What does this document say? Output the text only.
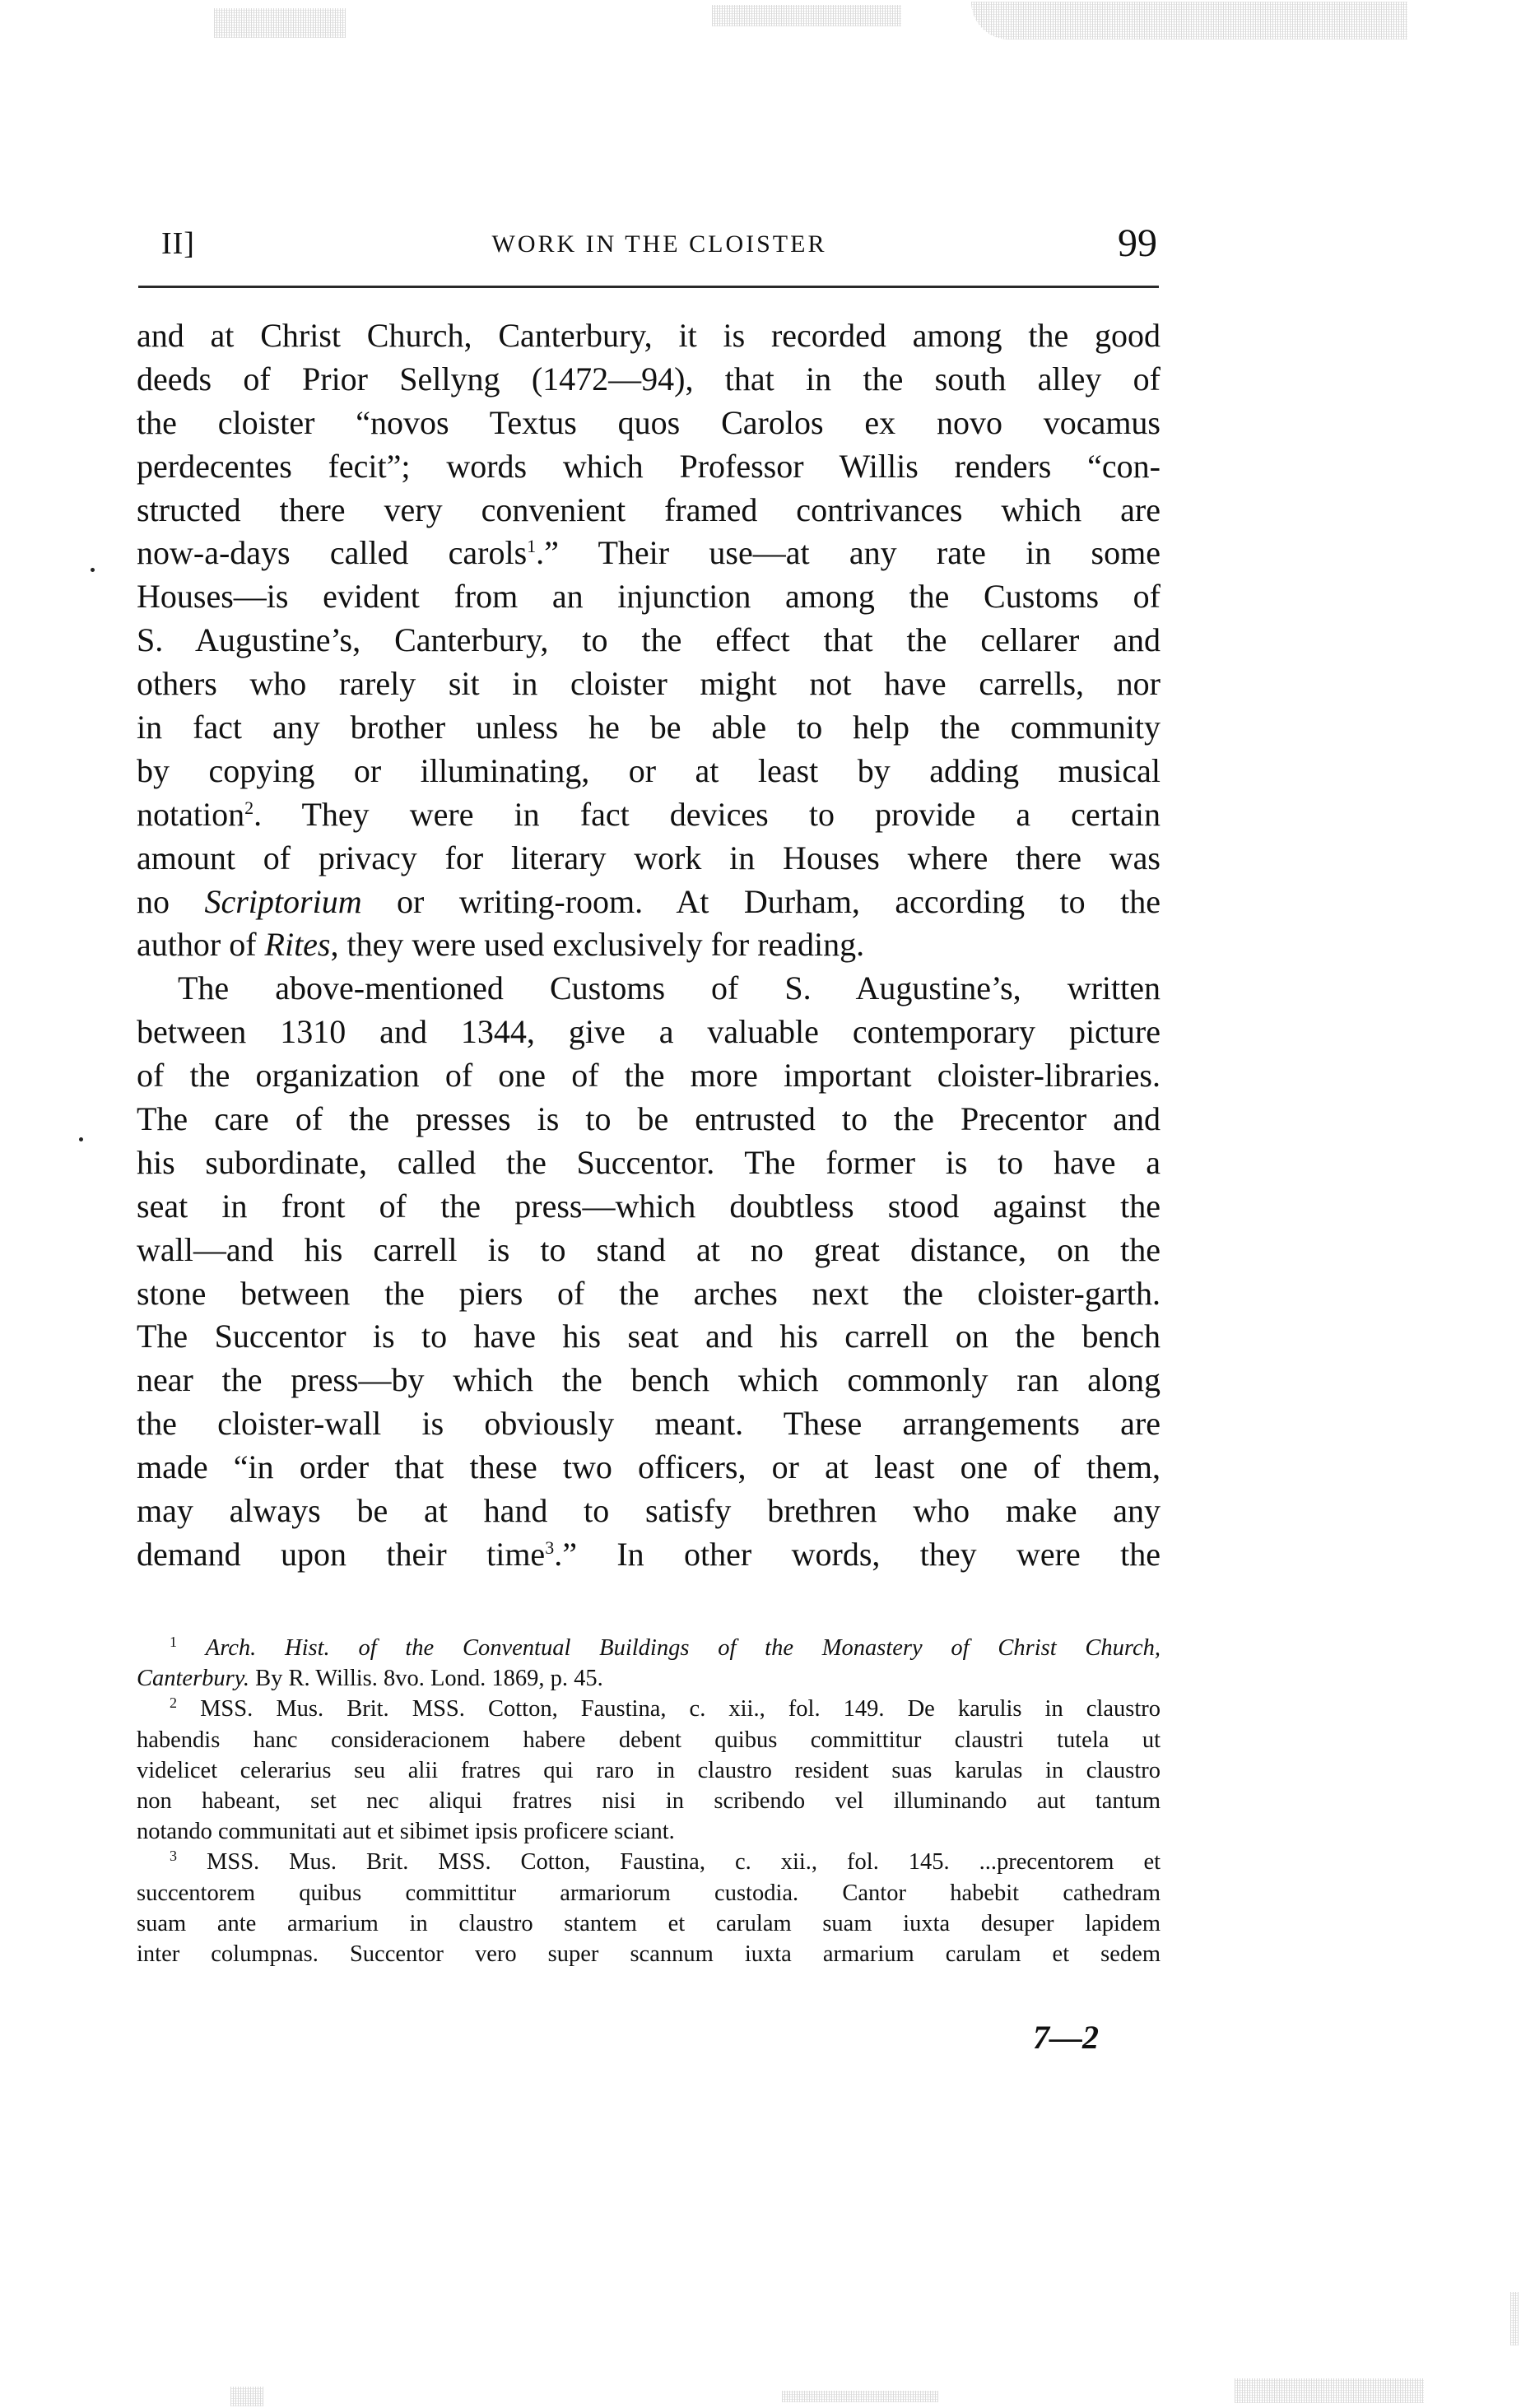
II]	WORK IN THE CLOISTER	99
and at Christ Church, Canterbury, it is recorded among the good
deeds of Prior Sellyng (1472—94), that in the south alley of
the cloister “novos Textus quos Carolos ex novo vocamus
perdecentes fecit”; words which Professor Willis renders “con-
structed there very convenient framed contrivances which are
now-a-days called carols$^1$.” Their use—at any rate in some
Houses—is evident from an injunction among the Customs of
S. Augustine’s, Canterbury, to the effect that the cellarer and
others who rarely sit in cloister might not have carrells, nor
in fact any brother unless he be able to help the community
by copying or illuminating, or at least by adding musical
notation$^2$. They were in fact devices to provide a certain
amount of privacy for literary work in Houses where there was
no Scriptorium or writing-room. At Durham, according to the
author of Rites, they were used exclusively for reading.
The above-mentioned Customs of S. Augustine’s, written
between 1310 and 1344, give a valuable contemporary picture
of the organization of one of the more important cloister-libraries.
The care of the presses is to be entrusted to the Precentor and
his subordinate, called the Succentor. The former is to have a
seat in front of the press—which doubtless stood against the
wall—and his carrell is to stand at no great distance, on the
stone between the piers of the arches next the cloister-garth.
The Succentor is to have his seat and his carrell on the bench
near the press—by which the bench which commonly ran along
the cloister-wall is obviously meant. These arrangements are
made “in order that these two officers, or at least one of them,
may always be at hand to satisfy brethren who make any
demand upon their time$^3$.” In other words, they were the
$^1$ Arch. Hist. of the Conventual Buildings of the Monastery of Christ Church,
Canterbury. By R. Willis. 8vo. Lond. 1869, p. 45.
$^2$ MSS. Mus. Brit. MSS. Cotton, Faustina, c. xii., fol. 149. De karulis in claustro
habendis hanc consideracionem habere debent quibus committitur claustri tutela ut
videlicet celerarius seu alii fratres qui raro in claustro resident suas karulas in claustro
non habeant, set nec aliqui fratres nisi in scribendo vel illuminando aut tantum
notando communitati aut et sibimet ipsis proficere sciant.
$^3$ MSS. Mus. Brit. MSS. Cotton, Faustina, c. xii., fol. 145. ...precentorem et
succentorem quibus committitur armariorum custodia. Cantor habebit cathedram
suam ante armarium in claustro stantem et carulam suam iuxta desuper lapidem
inter columpnas. Succentor vero super scannum iuxta armarium carulam et sedem
7—2
